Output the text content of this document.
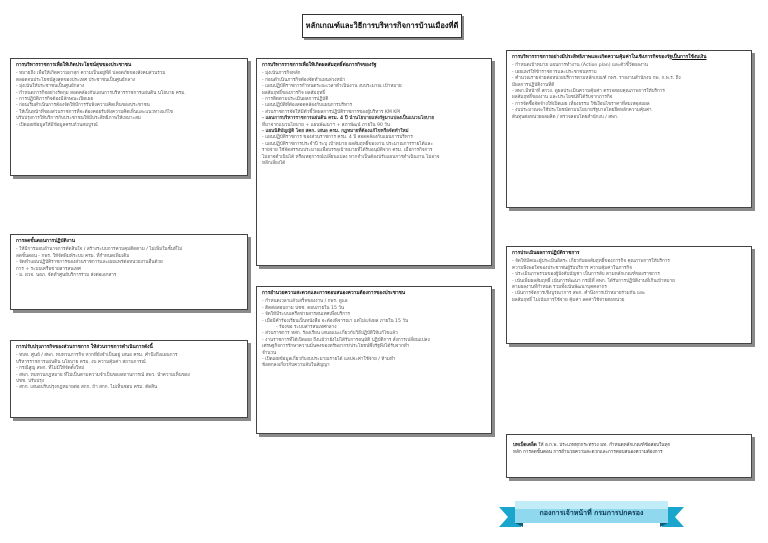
หลักเกณฑ์และวิธีการบริหารกิจการบ้านเมืองที่ดี
การบริหารราชการเพื่อให้เกิดประโยชน์สุขของประชาชน

- หมายถึง เพื่อให้เกิดความผาสุก ความเป็นอยู่ที่ดี ปลอดภัยของสังคมส่วนรวม

ตลอดจนประโยชน์สูงสุดของประเทศ ประชาชนเป็นศูนย์กลาง

- มุ่งเน้นให้ประชาชนเป็นศูนย์กลาง

- กำหนดภารกิจอย่างรัดกุม สอดคล้องกับแผนการบริหารราชการแผ่นดิน นโยบาย ครม.

- การปฏิบัติภารกิจต้องมีลักษณะเปิดเผย

- ก่อนเริ่มดำเนินการต้องจัดให้มีการรับฟังความคิดเห็นของประชาชน

- ให้เป็นหน้าที่ของส่วนราชการที่จะต้องคอยรับฟังความคิดเห็นและแนวทางแก้ไข

ปรับปรุงการให้บริการกับประชาชนให้มีประสิทธิภาพให้เหมาะสม

- เปิดเผยข้อมูลให้มีข้อมูลครบถ้วนสมบูรณ์

การลดขั้นตอนการปฏิบัติงาน

- ให้มีการมอบอำนาจการตัดสินใจ / สร้างระบบการควบคุมติดตาม / ไม่เพิ่มในชั้นที่ไม่

ลดขั้นตอน - กพร. ให้จัดพิมพ์ระบบ ครม. ที่กำหนดเพิ่มเติม

- จัดทำแผนปฏิบัติราชการของส่วนราชการและเผยแพร่ต่อหน่วยงานอื่นด้วย

การ + ระบบเครือข่ายสารสนเทศ

- ม. ผวจ. นอภ. จัดทำศูนย์บริการร่วม ส่งต่อเอกสาร

การปรับปรุงภารกิจของส่วนราชการ ให้ส่วนราชการดำเนินการดังนี้

- ทบท. ศูนย์ / สพก. ทบทวนภารกิจ หากที่ยังจำเป็นอยู่ เสนอ ครม. คำนึงถึงแผนการ

บริหารราชการแผ่นดิน นโยบาย ครม. งบ ความคุ้มค่า สถานการณ์

- กรณีสูญ สพก. ที่ไม่มีให้จัดตั้งใหม่

- สพก. ทบทวนกฎหมาย ที่ไม่เป็นตามความจำเป็นของสถานการณ์ สพว. นำความเห็นของ

ปชช. ปรับปรุง

- สกก. เสนอปรับปรุงกฎหมายต่อ สกก. ถ้า สกก. ไม่เห็นชอบ ครม. ตัดสิน

การบริหารราชการเพื่อให้เกิดผลสัมฤทธิ์ต่อภารกิจของรัฐ

- มุ่งเน้นภารกิจหลัก

- ก่อนดำเนินภารกิจต้องจัดทำแผนล่วงหน้า

- แผนปฏิบัติราชการกำหนดระยะเวลาดำเนินงาน งบประมาณ เป้าหมาย

ผลสัมฤทธิ์ของภารกิจ ผลสัมฤทธิ์

- การติดตามประเมินผลการปฏิบัติ

- แผนปฏิบัติที่ต้องสอดคล้องกับแผนการบริหาร

- ส่วนราชการจัดให้มีตัวชี้วัดผลการปฏิบัติราชการของผู้บริหาร KM KPI

- แผนการบริหารราชการแผ่นดิน ครม. 4 ปี นำนโยบายแห่งรัฐมาแปลงเป็นแนวนโยบาย

ที่มาจากแนวนโยบาย + แผนพัฒนาฯ + สภาพัฒน์ ภายใน 90 วัน

- แผนนิติบัญญัติ โดย สคก. เสนอ ครม. กฎหมายที่ต้องแก้ไขหรือจัดทำใหม่

- แผนปฏิบัติราชการ ของส่วนราชการ ครม. 4 ปี สอดคล้องกับแผนการบริหาร

- แผนปฏิบัติราชการประจำปี ระบุ เป้าหมาย ผลสัมฤทธิ์ของงาน ประมาณการรายได้และ

รายจ่าย ใช้จัดสรรงบประมาณเพื่อบรรลุเป้าหมายที่ได้รับอนุมัติจาก ครม. เมื่อการกิจการ

ไม่อาจดำเนินได้ หรือเหตุการณ์เปลี่ยนแปลง หากจำเป็นต้องปรับแผนการดำเนินงาน ไม่อาจ

หลีกเลี่ยงได้

การอำนวยความสะดวกและการตอบสนองความต้องการของประชาชน

- กำหนดเวลาแล้วเสร็จของงาน / กพร. ดูแล

- ติดต่อสอบถาม ปชช. ตอบภายใน 15 วัน

- จัดให้มีระบบเครือข่ายสารสนเทศเพื่อบริการ

- เมื่อมีคำร้องเรียนเป็นหนังสือ จะต้องพิจารณา แต่ไม่แจ้งผล ภายใน 15 วัน

- ร้องขอ ระบบสารสนเทศกลาง

- ส่วนราชการ หสก. ร้องเรียน เสนอแนะเกี่ยวกับวิธีปฏิบัติให้แก้ไขแล้ว

- งานราชการที่ได้เปิดเผย ถึงแม้ว่ายังไม่ได้รับการอนุมัติ ปฏิบัติการ สั่งการเปลี่ยนแปลง

เศรษฐกิจการรักษาความมั่นคงของทรัพยากร/ประโยชน์ซึ่งรัฐพึงได้รับจากทำ

จำนวน

- เปิดเผยข้อมูลเกี่ยวกับงบประมาณรายได้ แลปจะค่าใช้จ่าย / ห้ามทำ

ข้อตกลงเกี่ยวกับความลับในสัญญา

การบริหารราชการอย่างมีประสิทธิภาพและเกิดความคุ้มค่าในเชิงภารกิจของรัฐเป็นการใช้งบเงิน

- กำหนดเป้าหมาย แผนการทำงาน (Action plan) และตัวชี้วัดผลงาน

- เผยแพร่ให้ข้าราชการและประชาชนทราบ

- คำนวณรายจ่ายต่อหน่วยบริการตามหลักเกณฑ์ กพร. รายงานสำนักงบ กพ. ก.พ.ร. ถึง

มีผลการปฏิบัติงานที่ดี

- สพก.มีหน้าที่ สกวง. ดูผลประเมินความคุ้มค่า ตรวจสอบคุณภาพการให้บริการ

ผลสัมฤทธิ์ของงาน และประโยชน์ที่ได้รับจากภารกิจ

- การจัดซื้อจัดจ้างให้เปิดเผย เที่ยงธรรม ใช้เงื่อนไขราคาที่สมเหตุสมผล

- งบประมาณจะใช้ประโยชน์ตามนโยบายรัฐบาลโดยยึดหลักความคุ้มค่า

ต้นทุนต่อหน่วยผลผลิต / ตรวจสอบโดยสำนักงบ / สพก.

การประเมินผลการปฏิบัติราชการ

- จัดให้มีคณะผู้ประเมินอิสระ เกี่ยวกับผลสัมฤทธิ์ของภารกิจ คุณภาพการให้บริการ

ความพึงพอใจของประชาชนผู้รับบริการ ความคุ้มค่าในภารกิจ

- ประเมินภาพรวมของผู้บังคับบัญชา เป็นการลับ ตามหลักเกณฑ์ของราชการ

- เน้นเพิ่มผลสัมฤทธิ์ เน้นการพัฒนา กรณีที่ สพก. ได้รับการปฏิบัติงานที่เกินเป้าหมาย

ตามผลงานที่กำหนด รวมทั้งเน้นพัฒนาบุคคลากร

- เน้นการจัดการเชิงบูรณาการ สพก. คำนึงการเป้าหมายร่วมกัน และ

ผลสัมฤทธิ์ ไม่เน้นการใช้จ่าย คุ้มค่า ลดค่าใช้จ่ายต่อหน่วย

บทเบ็ดเตล็ด ให้ อ.ก.พ. ประเภททุกกระทรวง มท. กำหนดหลักเกณฑ์ข้อสอบในทุก

หลัก การลดขั้นตอน การอำนวยความสะดวกและการตอบสนองความต้องการ

กองการเจ้าหน้าที่ กรมการปกครอง
